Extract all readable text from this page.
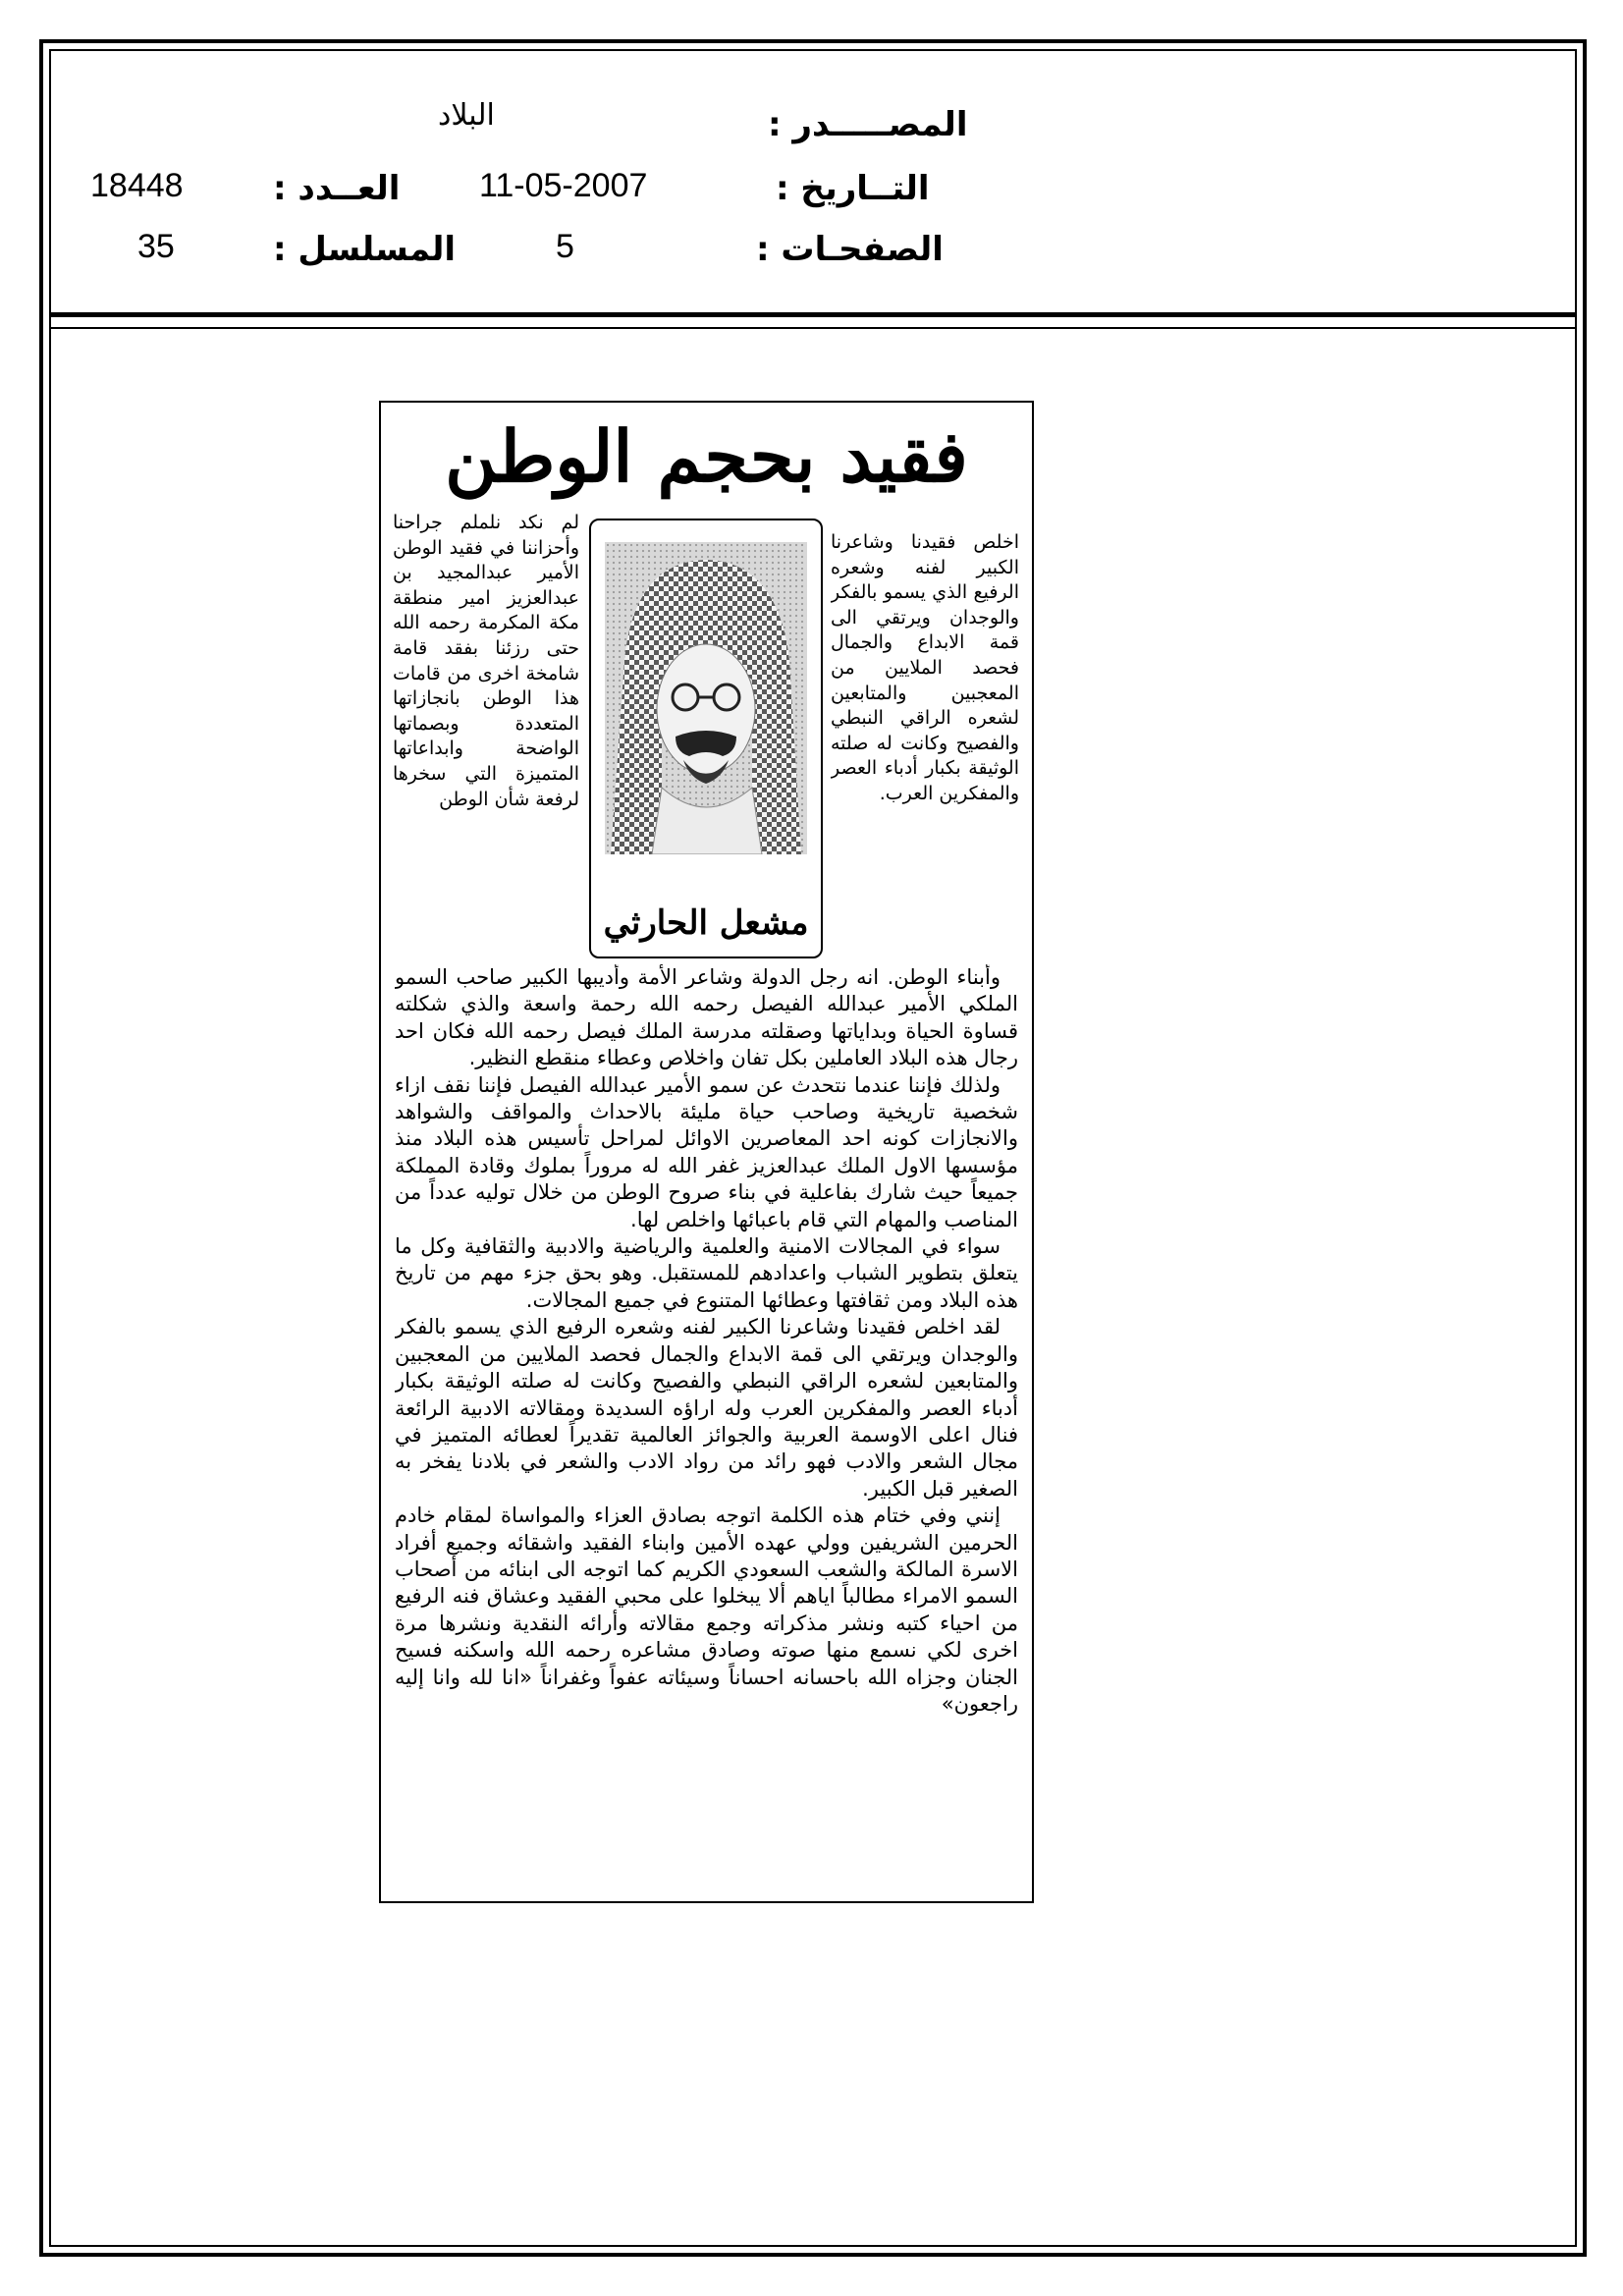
المصـــــدر :
البلاد
التــاريخ :
11-05-2007
العــدد :
18448
الصفحـات :
5
المسلسل :
35
فقيد بحجم الوطن
لم نكد نلملم جراحنا وأحزاننا في فقيد الوطن الأمير عبدالمجيد بن عبدالعزيز امير منطقة مكة المكرمة رحمه الله حتى رزئنا بفقد قامة شامخة اخرى من قامات هذا الوطن بانجازاتها المتعددة وبصماتها الواضحة وابداعاتها المتميزة التي سخرها لرفعة شأن الوطن
مشعل الحارثي
اخلص فقيدنا وشاعرنا الكبير لفنه وشعره الرفيع الذي يسمو بالفكر والوجدان ويرتقي الى قمة الابداع والجمال فحصد الملايين من المعجبين والمتابعين لشعره الراقي النبطي والفصيح وكانت له صلته الوثيقة بكبار أدباء العصر والمفكرين العرب.

وأبناء الوطن. انه رجل الدولة وشاعر الأمة وأديبها الكبير صاحب السمو الملكي الأمير عبدالله الفيصل رحمه الله رحمة واسعة والذي شكلته قساوة الحياة وبداياتها وصقلته مدرسة الملك فيصل رحمه الله فكان احد رجال هذه البلاد العاملين بكل تفان واخلاص وعطاء منقطع النظير.

ولذلك فإننا عندما نتحدث عن سمو الأمير عبدالله الفيصل فإننا نقف ازاء شخصية تاريخية وصاحب حياة مليئة بالاحداث والمواقف والشواهد والانجازات كونه احد المعاصرين الاوائل لمراحل تأسيس هذه البلاد منذ مؤسسها الاول الملك عبدالعزيز غفر الله له مروراً بملوك وقادة المملكة جميعاً حيث شارك بفاعلية في بناء صروح الوطن من خلال توليه عدداً من المناصب والمهام التي قام باعبائها واخلص لها.

سواء في المجالات الامنية والعلمية والرياضية والادبية والثقافية وكل ما يتعلق بتطوير الشباب واعدادهم للمستقبل. وهو بحق جزء مهم من تاريخ هذه البلاد ومن ثقافتها وعطائها المتنوع في جميع المجالات.

لقد اخلص فقيدنا وشاعرنا الكبير لفنه وشعره الرفيع الذي يسمو بالفكر والوجدان ويرتقي الى قمة الابداع والجمال فحصد الملايين من المعجبين والمتابعين لشعره الراقي النبطي والفصيح وكانت له صلته الوثيقة بكبار أدباء العصر والمفكرين العرب وله اراؤه السديدة ومقالاته الادبية الرائعة فنال اعلى الاوسمة العربية والجوائز العالمية تقديراً لعطائه المتميز في مجال الشعر والادب فهو رائد من رواد الادب والشعر في بلادنا يفخر به الصغير قبل الكبير.

إنني وفي ختام هذه الكلمة اتوجه بصادق العزاء والمواساة لمقام خادم الحرمين الشريفين وولي عهده الأمين وابناء الفقيد واشقائه وجميع أفراد الاسرة المالكة والشعب السعودي الكريم كما اتوجه الى ابنائه من أصحاب السمو الامراء مطالباً اياهم ألا يبخلوا على محبي الفقيد وعشاق فنه الرفيع من احياء كتبه ونشر مذكراته وجمع مقالاته وأرائه النقدية ونشرها مرة اخرى لكي نسمع منها صوته وصادق مشاعره رحمه الله واسكنه فسيح الجنان وجزاه الله باحسانه احساناً وسيئاته عفواً وغفراناً «انا لله وانا إليه راجعون»
